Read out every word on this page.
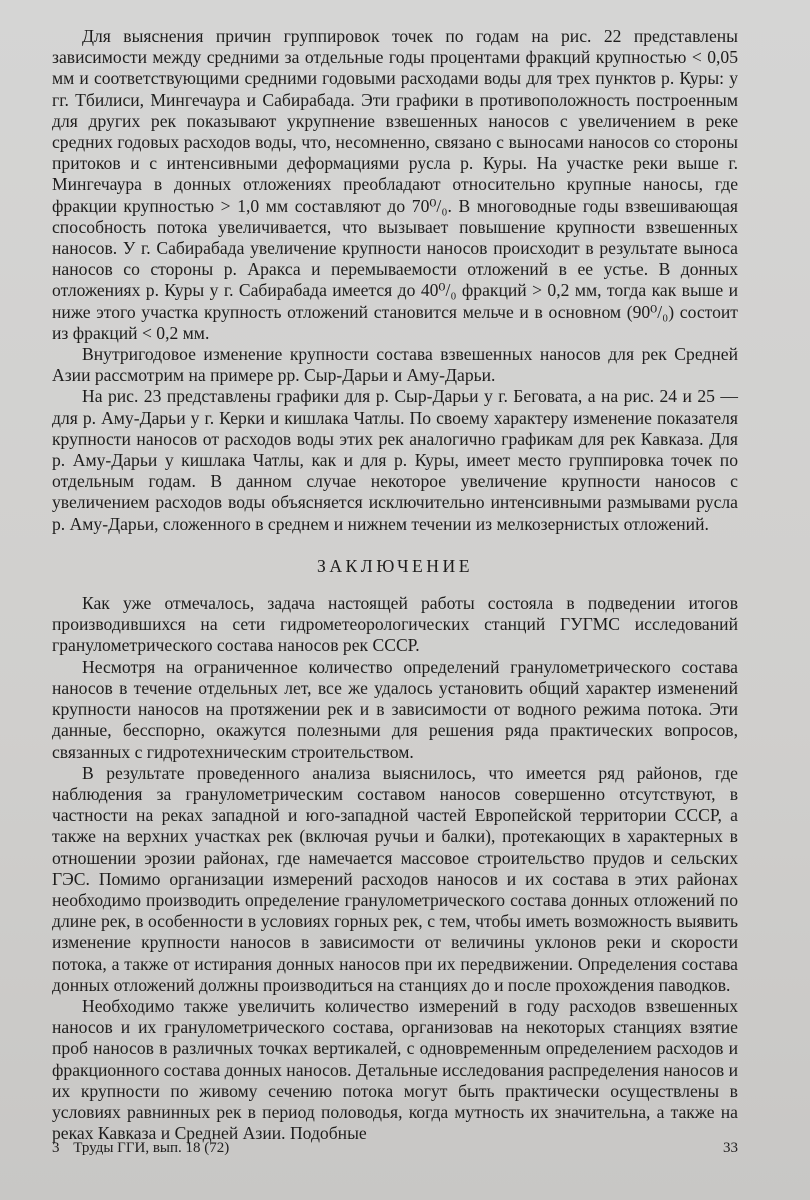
Для выяснения причин группировок точек по годам на рис. 22 представлены зависимости между средними за отдельные годы процентами фракций крупностью < 0,05 мм и соответствующими средними годовыми расходами воды для трех пунктов р. Куры: у гг. Тбилиси, Мингечаура и Сабирабада. Эти графики в противоположность построенным для других рек показывают укрупнение взвешенных наносов с увеличением в реке средних годовых расходов воды, что, несомненно, связано с выносами наносов со стороны притоков и с интенсивными деформациями русла р. Куры. На участке реки выше г. Мингечаура в донных отложениях преобладают относительно крупные наносы, где фракции крупностью > 1,0 мм составляют до 70⁰/₀. В многоводные годы взвешивающая способность потока увеличивается, что вызывает повышение крупности взвешенных наносов. У г. Сабирабада увеличение крупности наносов происходит в результате выноса наносов со стороны р. Аракса и перемываемости отложений в ее устье. В донных отложениях р. Куры у г. Сабирабада имеется до 40⁰/₀ фракций > 0,2 мм, тогда как выше и ниже этого участка крупность отложений становится мельче и в основном (90⁰/₀) состоит из фракций < 0,2 мм.

Внутригодовое изменение крупности состава взвешенных наносов для рек Средней Азии рассмотрим на примере рр. Сыр-Дарьи и Аму-Дарьи.

На рис. 23 представлены графики для р. Сыр-Дарьи у г. Беговата, а на рис. 24 и 25 — для р. Аму-Дарьи у г. Керки и кишлака Чатлы. По своему характеру изменение показателя крупности наносов от расходов воды этих рек аналогично графикам для рек Кавказа. Для р. Аму-Дарьи у кишлака Чатлы, как и для р. Куры, имеет место группировка точек по отдельным годам. В данном случае некоторое увеличение крупности наносов с увеличением расходов воды объясняется исключительно интенсивными размывами русла р. Аму-Дарьи, сложенного в среднем и нижнем течении из мелкозернистых отложений.

ЗАКЛЮЧЕНИЕ

Как уже отмечалось, задача настоящей работы состояла в подведении итогов производившихся на сети гидрометеорологических станций ГУГМС исследований гранулометрического состава наносов рек СССР.

Несмотря на ограниченное количество определений гранулометрического состава наносов в течение отдельных лет, все же удалось установить общий характер изменений крупности наносов на протяжении рек и в зависимости от водного режима потока. Эти данные, бесспорно, окажутся полезными для решения ряда практических вопросов, связанных с гидротехническим строительством.

В результате проведенного анализа выяснилось, что имеется ряд районов, где наблюдения за гранулометрическим составом наносов совершенно отсутствуют, в частности на реках западной и юго-западной частей Европейской территории СССР, а также на верхних участках рек (включая ручьи и балки), протекающих в характерных в отношении эрозии районах, где намечается массовое строительство прудов и сельских ГЭС. Помимо организации измерений расходов наносов и их состава в этих районах необходимо производить определение гранулометрического состава донных отложений по длине рек, в особенности в условиях горных рек, с тем, чтобы иметь возможность выявить изменение крупности наносов в зависимости от величины уклонов реки и скорости потока, а также от истирания донных наносов при их передвижении. Определения состава донных отложений должны производиться на станциях до и после прохождения паводков.

Необходимо также увеличить количество измерений в году расходов взвешенных наносов и их гранулометрического состава, организовав на некоторых станциях взятие проб наносов в различных точках вертикалей, с одновременным определением расходов и фракционного состава донных наносов. Детальные исследования распределения наносов и их крупности по живому сечению потока могут быть практически осуществлены в условиях равнинных рек в период половодья, когда мутность их значительна, а также на реках Кавказа и Средней Азии. Подобные

3 Труды ГГИ, вып. 18 (72)	33
